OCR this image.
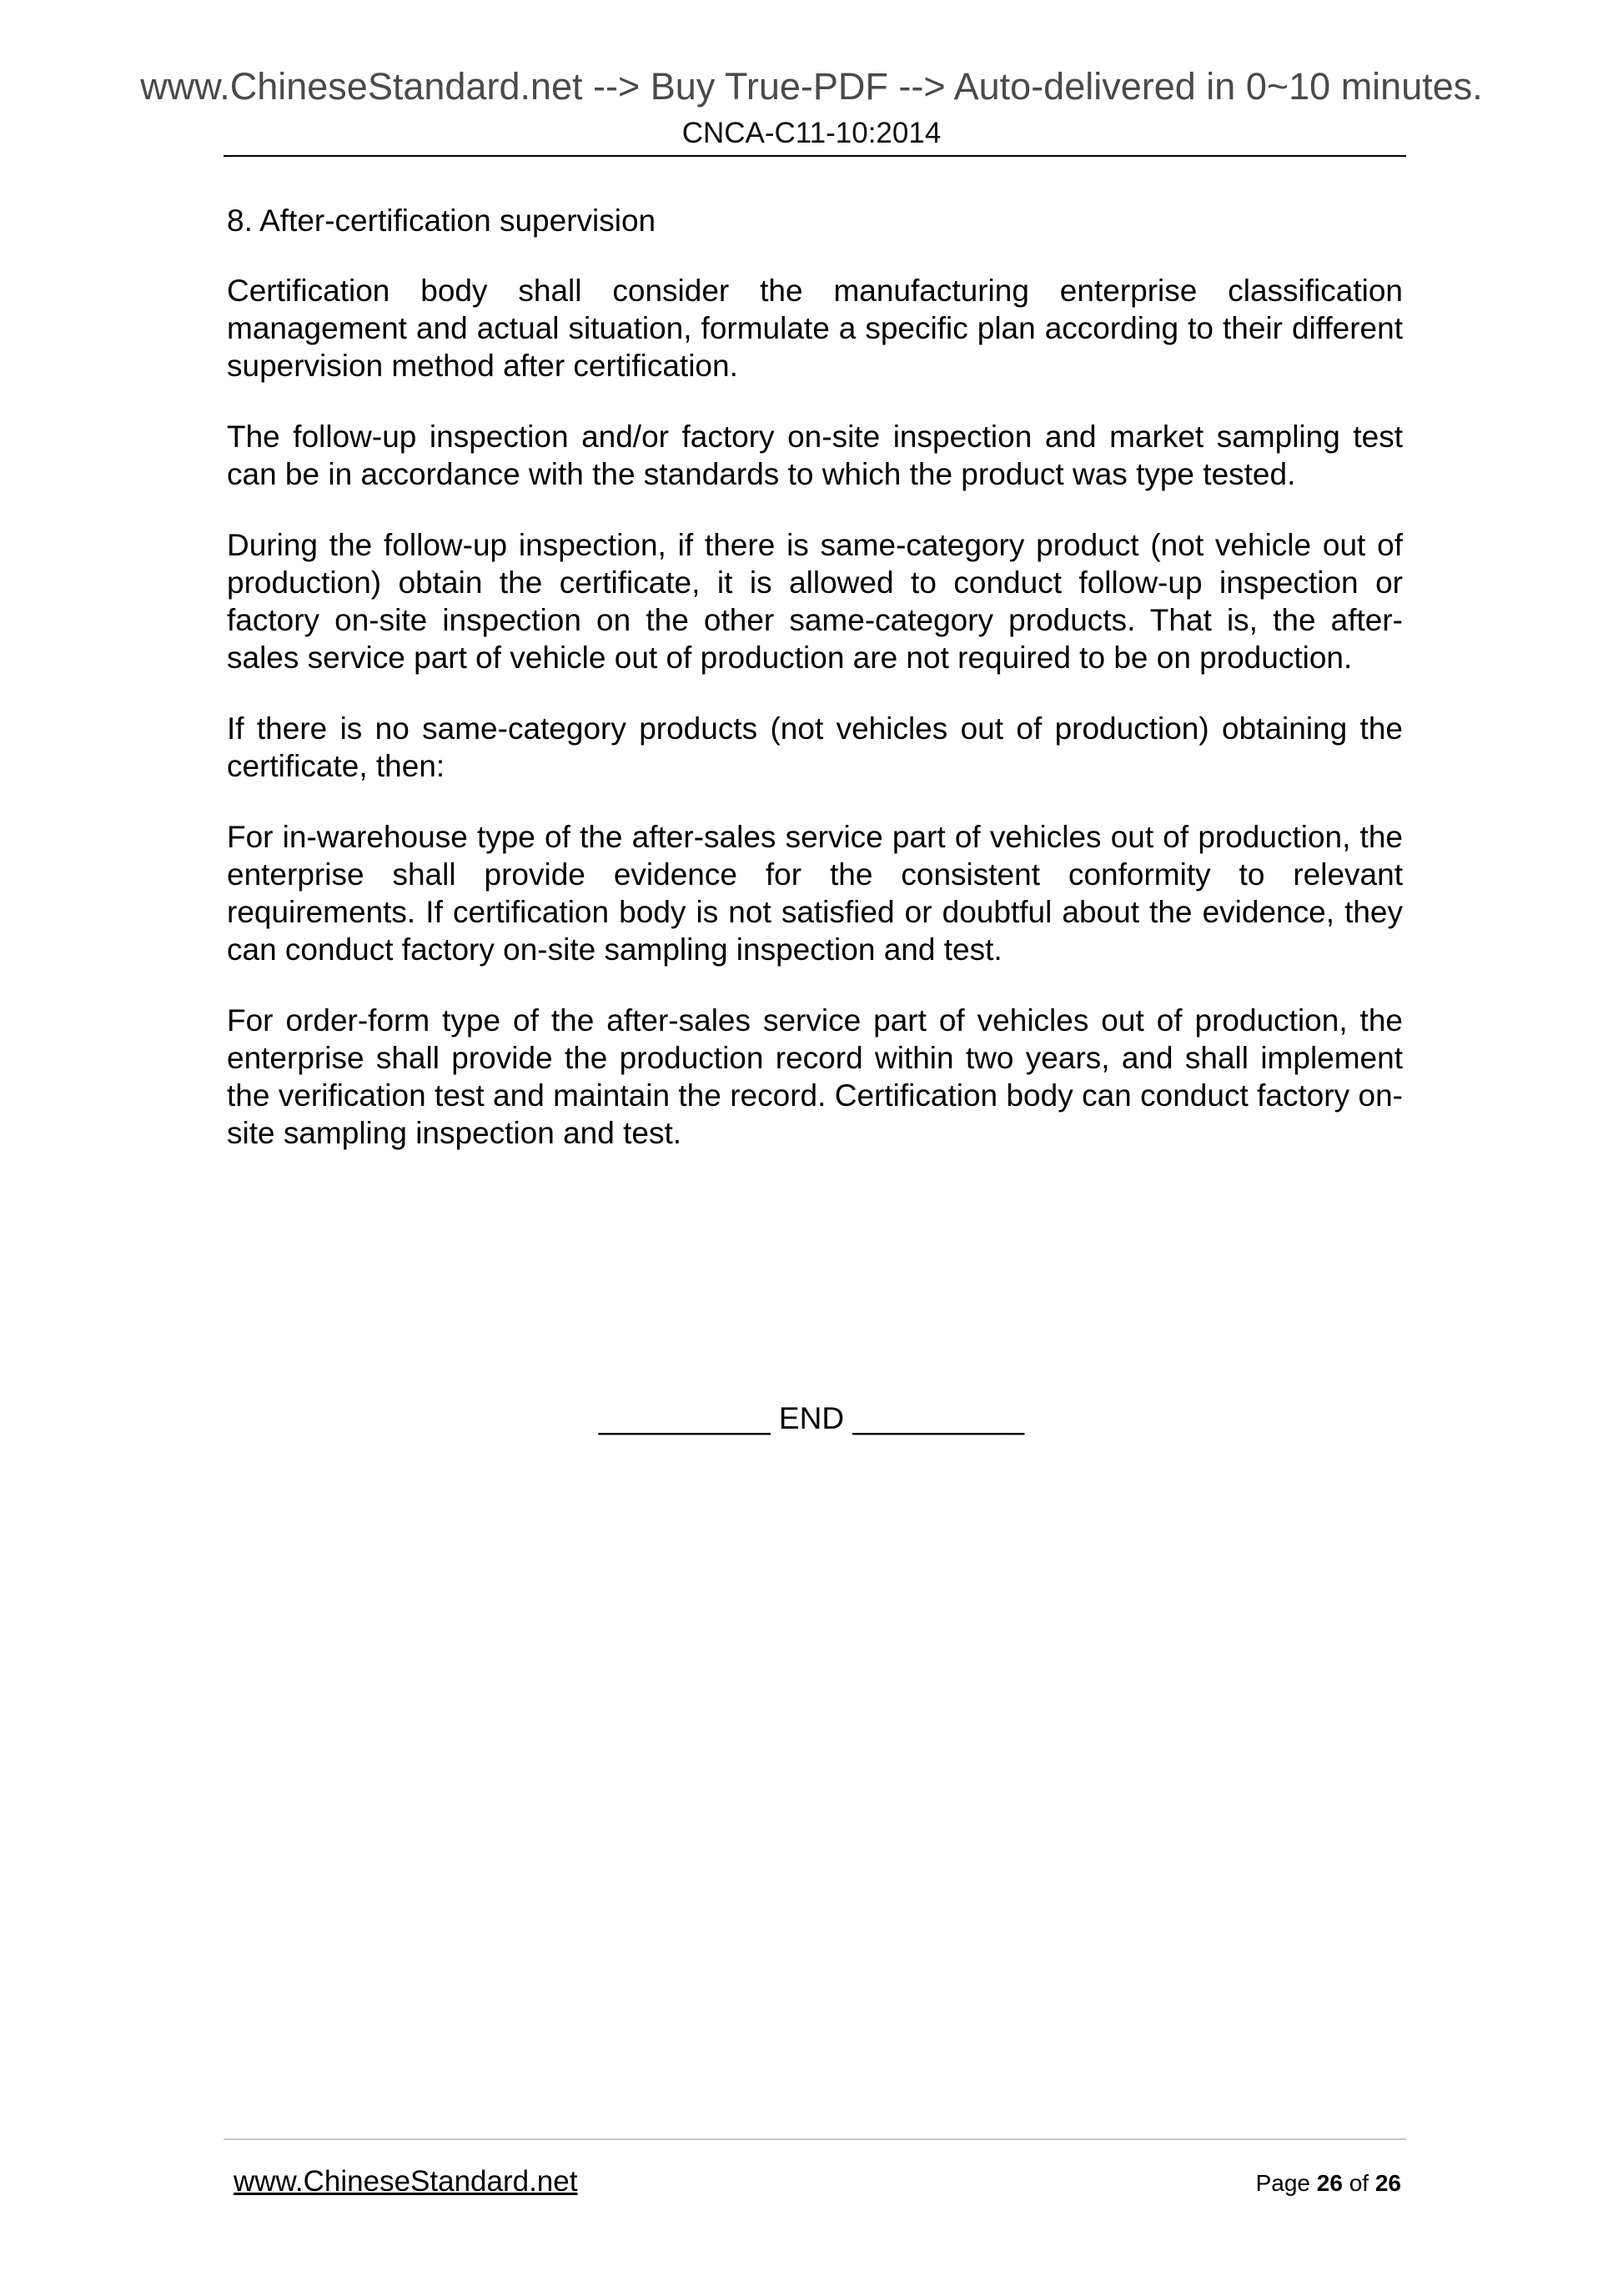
www.ChineseStandard.net --> Buy True-PDF --> Auto-delivered in 0~10 minutes.
CNCA-C11-10:2014
8. After-certification supervision

Certification body shall consider the manufacturing enterprise classification management and actual situation, formulate a specific plan according to their different supervision method after certification.

The follow-up inspection and/or factory on-site inspection and market sampling test can be in accordance with the standards to which the product was type tested.

During the follow-up inspection, if there is same-category product (not vehicle out of production) obtain the certificate, it is allowed to conduct follow-up inspection or factory on-site inspection on the other same-category products. That is, the after-sales service part of vehicle out of production are not required to be on production.

If there is no same-category products (not vehicles out of production) obtaining the certificate, then:

For in-warehouse type of the after-sales service part of vehicles out of production, the enterprise shall provide evidence for the consistent conformity to relevant requirements. If certification body is not satisfied or doubtful about the evidence, they can conduct factory on-site sampling inspection and test.

For order-form type of the after-sales service part of vehicles out of production, the enterprise shall provide the production record within two years, and shall implement the verification test and maintain the record. Certification body can conduct factory on-site sampling inspection and test.

__________ END __________
www.ChineseStandard.net	Page 26 of 26
